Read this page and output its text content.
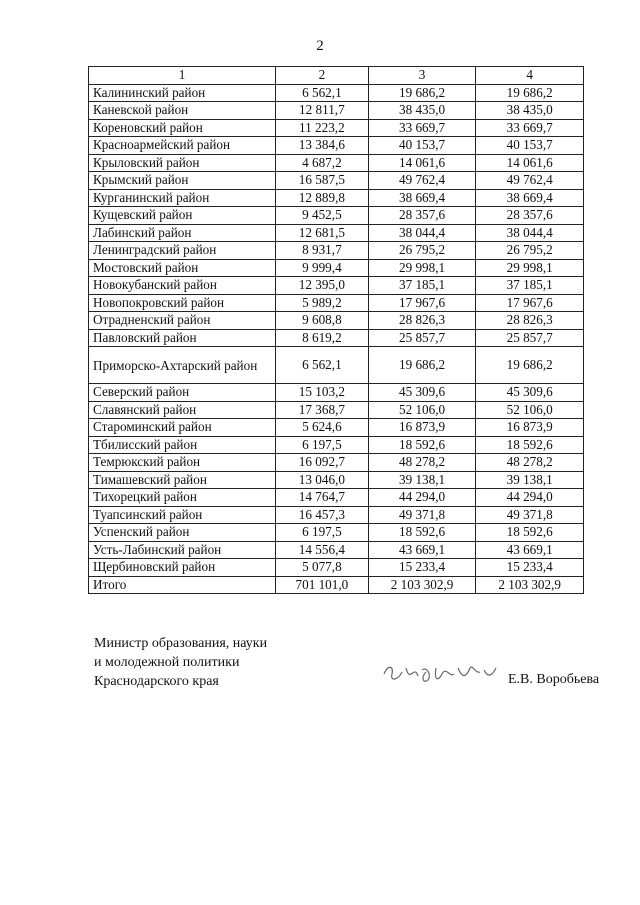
2
1	2	3	4
Калининский район	6 562,1	19 686,2	19 686,2
Каневской район	12 811,7	38 435,0	38 435,0
Кореновский район	11 223,2	33 669,7	33 669,7
Красноармейский район	13 384,6	40 153,7	40 153,7
Крыловский район	4 687,2	14 061,6	14 061,6
Крымский район	16 587,5	49 762,4	49 762,4
Курганинский район	12 889,8	38 669,4	38 669,4
Кущевский район	9 452,5	28 357,6	28 357,6
Лабинский район	12 681,5	38 044,4	38 044,4
Ленинградский район	8 931,7	26 795,2	26 795,2
Мостовский район	9 999,4	29 998,1	29 998,1
Новокубанский район	12 395,0	37 185,1	37 185,1
Новопокровский район	5 989,2	17 967,6	17 967,6
Отрадненский район	9 608,8	28 826,3	28 826,3
Павловский район	8 619,2	25 857,7	25 857,7
Приморско-Ахтарский район	6 562,1	19 686,2	19 686,2
Северский район	15 103,2	45 309,6	45 309,6
Славянский район	17 368,7	52 106,0	52 106,0
Староминский район	5 624,6	16 873,9	16 873,9
Тбилисский район	6 197,5	18 592,6	18 592,6
Темрюкский район	16 092,7	48 278,2	48 278,2
Тимашевский район	13 046,0	39 138,1	39 138,1
Тихорецкий район	14 764,7	44 294,0	44 294,0
Туапсинский район	16 457,3	49 371,8	49 371,8
Успенский район	6 197,5	18 592,6	18 592,6
Усть-Лабинский район	14 556,4	43 669,1	43 669,1
Щербиновский район	5 077,8	15 233,4	15 233,4
Итого	701 101,0	2 103 302,9	2 103 302,9
Министр образования, науки
и молодежной политики
Краснодарского края	Е.В. Воробьева
